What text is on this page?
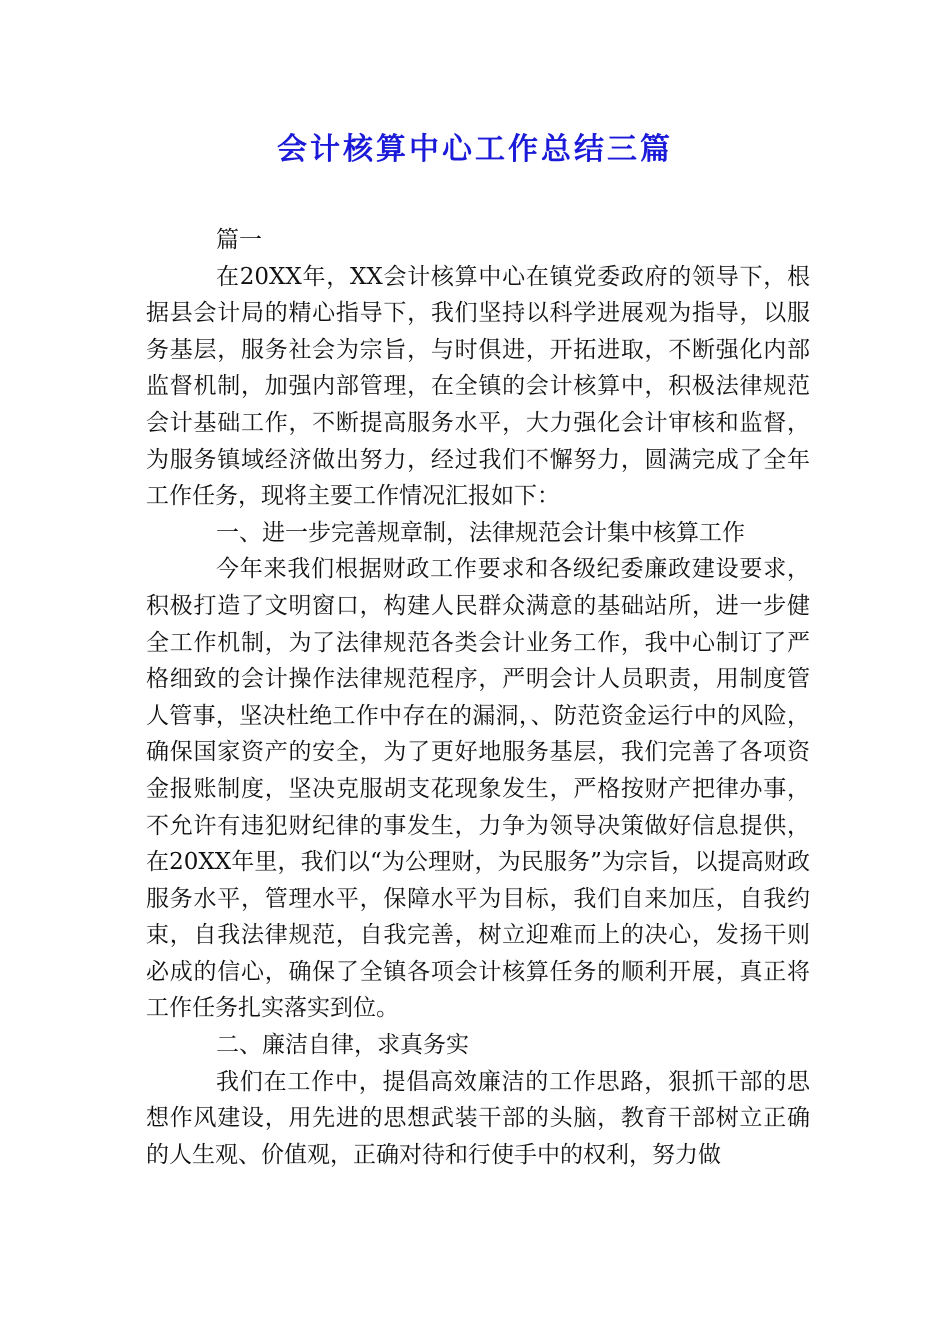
会计核算中心工作总结三篇

篇一

在20XX年，XX会计核算中心在镇党委政府的领导下，根据县会计局的精心指导下，我们坚持以科学进展观为指导，以服务基层，服务社会为宗旨，与时俱进，开拓进取，不断强化内部监督机制，加强内部管理，在全镇的会计核算中，积极法律规范会计基础工作，不断提高服务水平，大力强化会计审核和监督，为服务镇域经济做出努力，经过我们不懈努力，圆满完成了全年工作任务，现将主要工作情况汇报如下：

一、进一步完善规章制，法律规范会计集中核算工作

今年来我们根据财政工作要求和各级纪委廉政建设要求，积极打造了文明窗口，构建人民群众满意的基础站所，进一步健全工作机制，为了法律规范各类会计业务工作，我中心制订了严格细致的会计操作法律规范程序，严明会计人员职责，用制度管人管事，坚决杜绝工作中存在的漏洞，、防范资金运行中的风险，确保国家资产的安全，为了更好地服务基层，我们完善了各项资金报账制度，坚决克服胡支花现象发生，严格按财产把律办事，不允许有违犯财纪律的事发生，力争为领导决策做好信息提供，在20XX年里，我们以“为公理财，为民服务”为宗旨，以提高财政服务水平，管理水平，保障水平为目标，我们自来加压，自我约束，自我法律规范，自我完善，树立迎难而上的决心，发扬干则必成的信心，确保了全镇各项会计核算任务的顺利开展，真正将工作任务扎实落实到位。

二、廉洁自律，求真务实

我们在工作中，提倡高效廉洁的工作思路，狠抓干部的思想作风建设，用先进的思想武装干部的头脑，教育干部树立正确的人生观、价值观，正确对待和行使手中的权利，努力做
